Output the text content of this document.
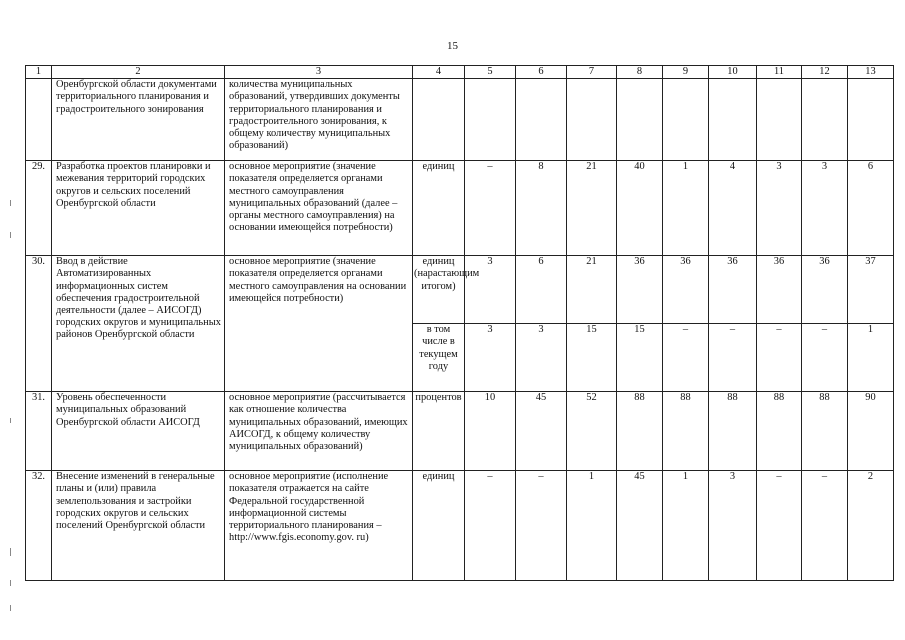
15
1	2	3	4	5	6	7	8	9	10	11	12	13
	Оренбургской области документами территориального планирования и градостроительного зонирования	количества муниципальных образований, утвердивших документы территориального планирования и градостроительного зонирования, к общему количеству муниципальных образований)										
29.	Разработка проектов планировки и межевания территорий городских округов и сельских поселений Оренбургской области	основное мероприятие (значение показателя определяется органами местного самоуправления муниципальных образований (далее – органы местного самоуправления) на основании имеющейся потребности)	единиц	–	8	21	40	1	4	3	3	6
30.	Ввод в действие Автоматизированных информационных систем обеспечения градостроительной деятельности (далее – АИСОГД) городских округов и муниципальных районов Оренбургской области	основное мероприятие (значение показателя определяется органами местного самоуправления на основании имеющейся потребности)	единиц (нарастающим итогом)	3	6	21	36	36	36	36	36	37
			в том числе в текущем году	3	3	15	15	–	–	–	–	1
31.	Уровень обеспеченности муниципальных образований Оренбургской области АИСОГД	основное мероприятие (рассчитывается как отношение количества муниципальных образований, имеющих АИСОГД, к общему количеству муниципальных образований)	процентов	10	45	52	88	88	88	88	88	90
32.	Внесение изменений в генеральные планы и (или) правила землепользования и застройки городских округов и сельских поселений Оренбургской области	основное мероприятие (исполнение показателя отражается на сайте Федеральной государственной информационной системы территориального планирования – http://www.fgis.economy.gov. ru)	единиц	–	–	1	45	1	3	–	–	2
